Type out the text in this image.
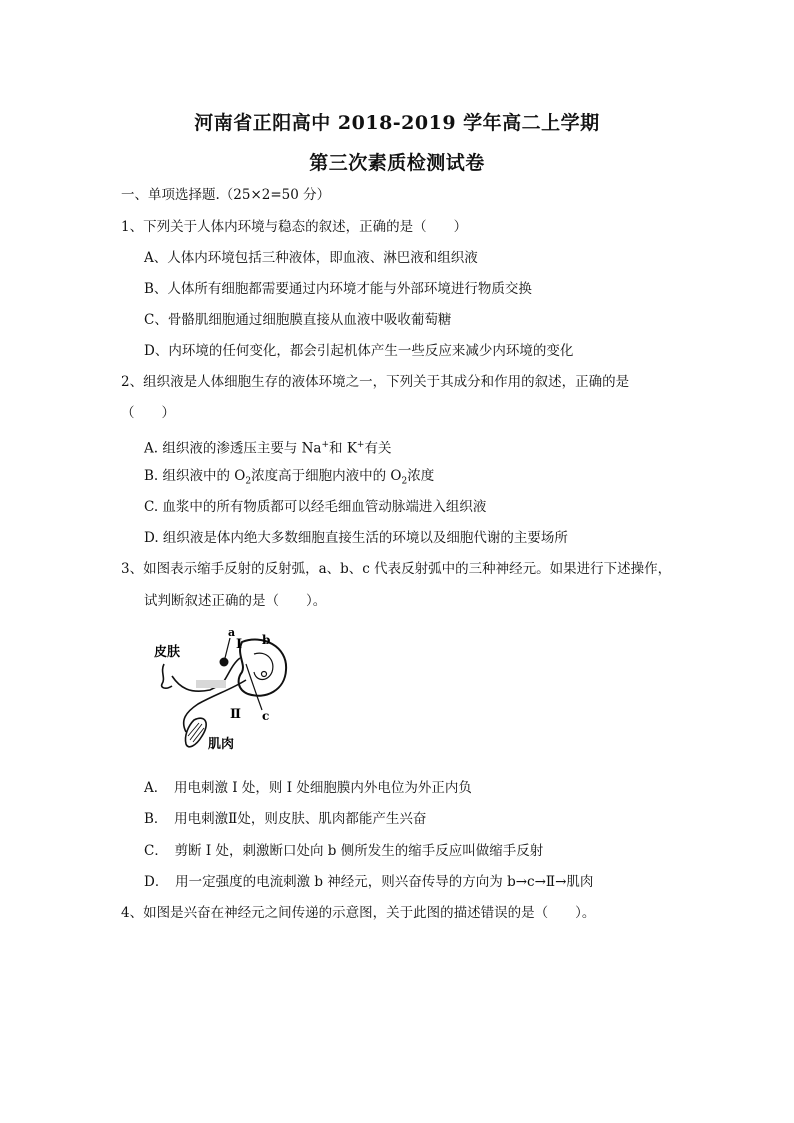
河南省正阳高中 2018-2019 学年高二上学期
第三次素质检测试卷
一、单项选择题.（25×2=50 分）
1、下列关于人体内环境与稳态的叙述，正确的是（　　）
A、人体内环境包括三种液体，即血液、淋巴液和组织液
B、人体所有细胞都需要通过内环境才能与外部环境进行物质交换
C、骨骼肌细胞通过细胞膜直接从血液中吸收葡萄糖
D、内环境的任何变化，都会引起机体产生一些反应来减少内环境的变化
2、组织液是人体细胞生存的液体环境之一，下列关于其成分和作用的叙述，正确的是
（　　）
A. 组织液的渗透压主要与 Na+和 K+有关
B. 组织液中的 $O_2$浓度高于细胞内液中的 $O_2$浓度
C. 血浆中的所有物质都可以经毛细血管动脉端进入组织液
D. 组织液是体内绝大多数细胞直接生活的环境以及细胞代谢的主要场所
3、如图表示缩手反射的反射弧，a、b、c 代表反射弧中的三种神经元。如果进行下述操作，
试判断叙述正确的是（　　）。
皮肤
a
I b
c
Ⅱ
肌肉
A．　用电刺激 I 处，则 I 处细胞膜内外电位为外正内负
B．　用电刺激Ⅱ处，则皮肤、肌肉都能产生兴奋
C．　剪断 I 处，刺激断口处向 b 侧所发生的缩手反应叫做缩手反射
D．　用一定强度的电流刺激 b 神经元，则兴奋传导的方向为 b→c→Ⅱ→肌肉
4、如图是兴奋在神经元之间传递的示意图，关于此图的描述错误的是（　　）。
